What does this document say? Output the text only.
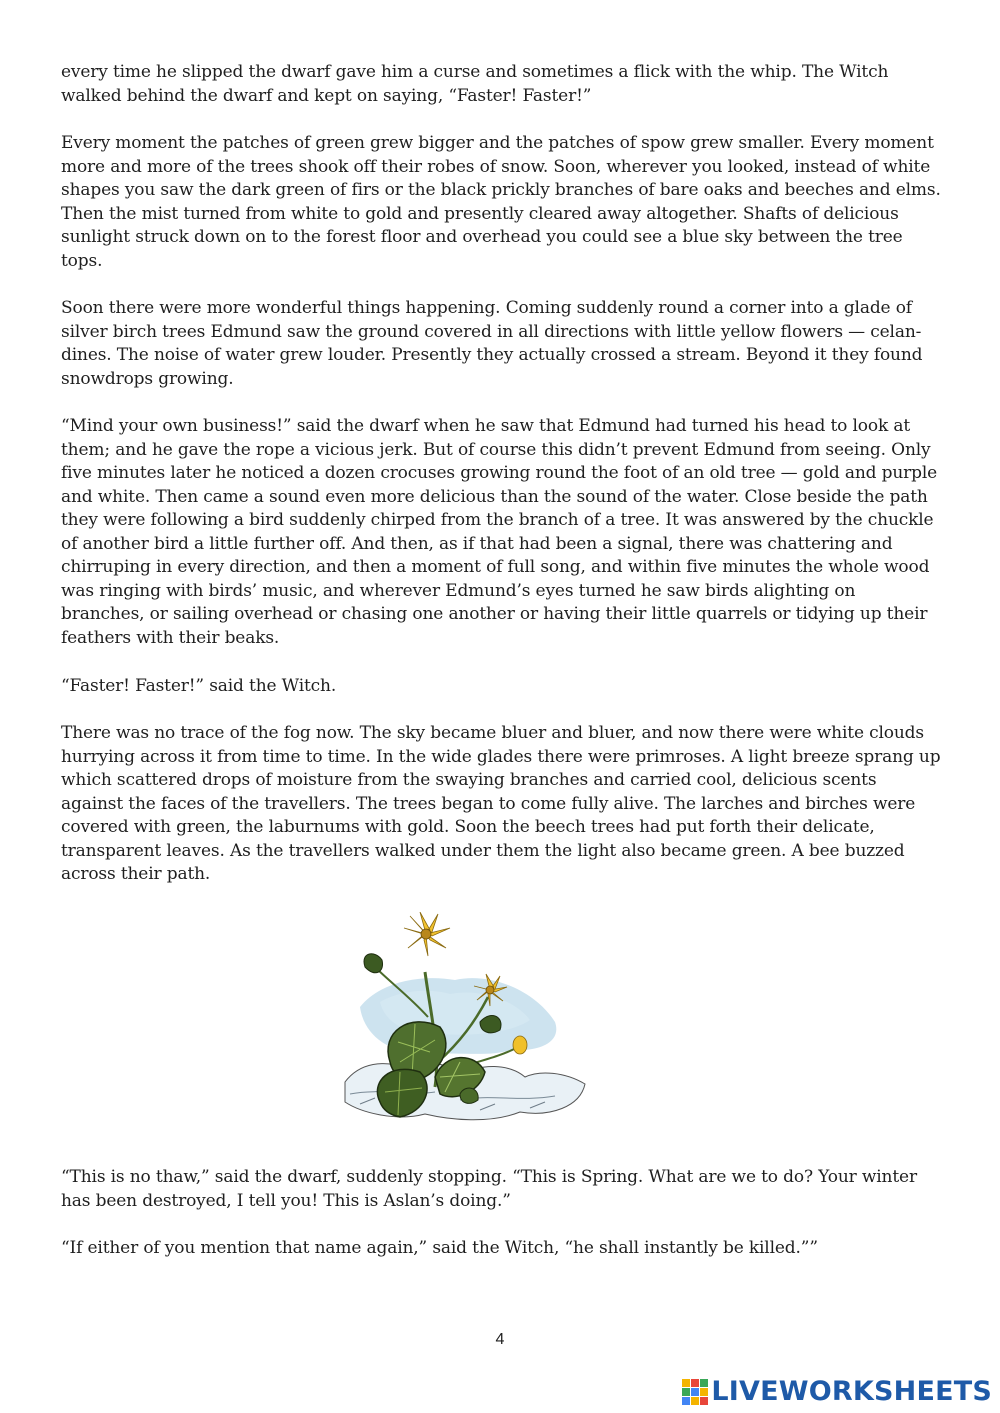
every time he slipped the dwarf gave him a curse and sometimes a flick with the whip. The Witch walked behind the dwarf and kept on saying, “Faster! Faster!”

Every moment the patches of green grew bigger and the patches of spow grew smaller. Every moment more and more of the trees shook off their robes of snow. Soon, wherever you looked, instead of white shapes you saw the dark green of firs or the black prickly branches of bare oaks and beeches and elms. Then the mist turned from white to gold and presently cleared away altogether. Shafts of delicious sunlight struck down on to the forest floor and overhead you could see a blue sky between the tree tops.

Soon there were more wonderful things happening. Coming suddenly round a corner into a glade of silver birch trees Edmund saw the ground covered in all directions with little yellow flowers — celan-dines. The noise of water grew louder. Presently they actually crossed a stream. Beyond it they found snowdrops growing.

“Mind your own business!” said the dwarf when he saw that Edmund had turned his head to look at them; and he gave the rope a vicious jerk. But of course this didn’t prevent Edmund from seeing. Only five minutes later he noticed a dozen crocuses growing round the foot of an old tree — gold and purple and white. Then came a sound even more delicious than the sound of the water. Close beside the path they were following a bird suddenly chirped from the branch of a tree. It was answered by the chuckle of another bird a little further off. And then, as if that had been a signal, there was chattering and chirruping in every direction, and then a moment of full song, and within five minutes the whole wood was ringing with birds’ music, and wherever Edmund’s eyes turned he saw birds alighting on branches, or sailing overhead or chasing one another or having their little quarrels or tidying up their feathers with their beaks.

“Faster! Faster!” said the Witch.

There was no trace of the fog now. The sky became bluer and bluer, and now there were white clouds hurrying across it from time to time. In the wide glades there were primroses. A light breeze sprang up which scattered drops of moisture from the swaying branches and carried cool, delicious scents against the faces of the travellers. The trees began to come fully alive. The larches and birches were covered with green, the laburnums with gold. Soon the beech trees had put forth their delicate, transparent leaves. As the travellers walked under them the light also became green. A bee buzzed across their path.

“This is no thaw,” said the dwarf, suddenly stopping. “This is Spring. What are we to do? Your winter has been destroyed, I tell you! This is Aslan’s doing.”

“If either of you mention that name again,” said the Witch, “he shall instantly be killed.””

4
LIVEWORKSHEETS
